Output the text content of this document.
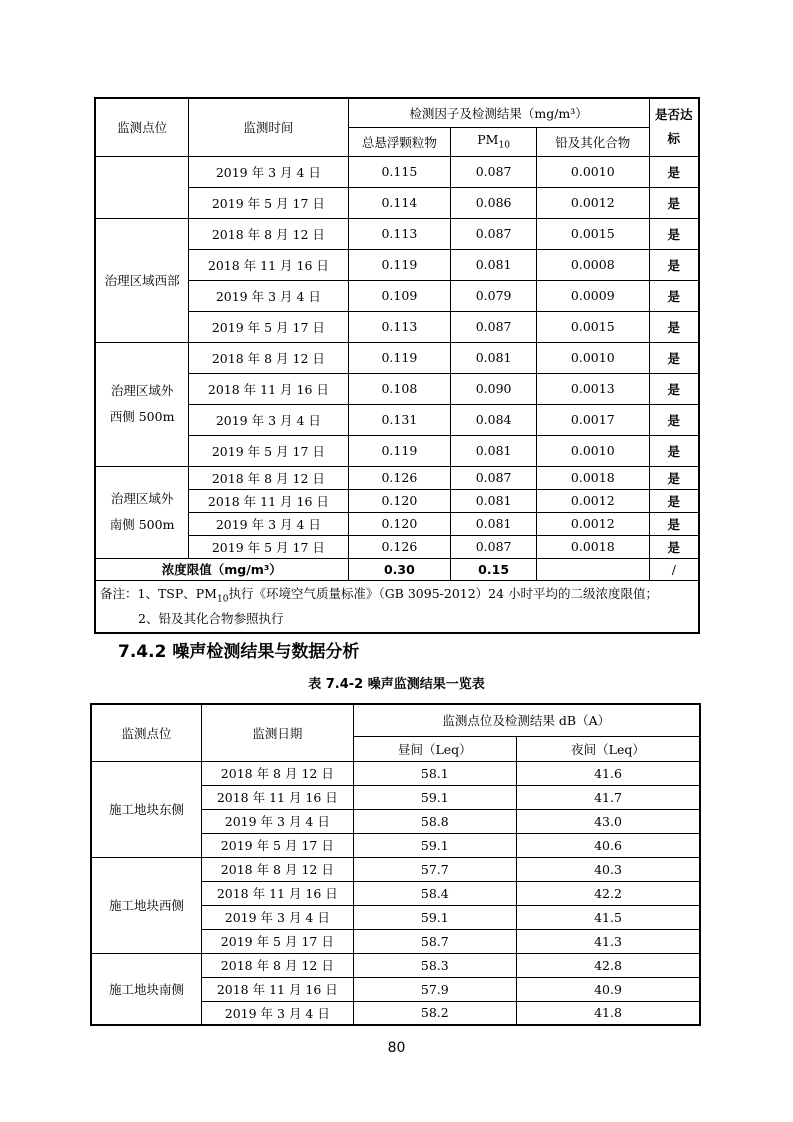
监测点位	监测时间	检测因子及检测结果（mg/m³）			是否达标
		总悬浮颗粒物	$PM_{10}$	铅及其化合物	
	2019 年 3 月 4 日	0.115	0.087	0.0010	是
	2019 年 5 月 17 日	0.114	0.086	0.0012	是
治理区域西部	2018 年 8 月 12 日	0.113	0.087	0.0015	是
	2018 年 11 月 16 日	0.119	0.081	0.0008	是
	2019 年 3 月 4 日	0.109	0.079	0.0009	是
	2019 年 5 月 17 日	0.113	0.087	0.0015	是
治理区域外
西侧 500m	2018 年 8 月 12 日	0.119	0.081	0.0010	是
	2018 年 11 月 16 日	0.108	0.090	0.0013	是
	2019 年 3 月 4 日	0.131	0.084	0.0017	是
	2019 年 5 月 17 日	0.119	0.081	0.0010	是
治理区域外
南侧 500m	2018 年 8 月 12 日	0.126	0.087	0.0018	是
	2018 年 11 月 16 日	0.120	0.081	0.0012	是
	2019 年 3 月 4 日	0.120	0.081	0.0012	是
	2019 年 5 月 17 日	0.126	0.087	0.0018	是
浓度限值（mg/m³）		0.30	0.15		/

备注：1、TSP、$PM_{10}$执行《环境空气质量标准》（GB 3095-2012）24 小时平均的二级浓度限值；
2、铅及其化合物参照执行					
7.4.2 噪声检测结果与数据分析

表 7.4-2 噪声监测结果一览表

监测点位	监测日期	监测点位及检测结果 dB（A）	
		昼间（Leq）	夜间（Leq）
施工地块东侧	2018 年 8 月 12 日	58.1	41.6
	2018 年 11 月 16 日	59.1	41.7
	2019 年 3 月 4 日	58.8	43.0
	2019 年 5 月 17 日	59.1	40.6
施工地块西侧	2018 年 8 月 12 日	57.7	40.3
	2018 年 11 月 16 日	58.4	42.2
	2019 年 3 月 4 日	59.1	41.5
	2019 年 5 月 17 日	58.7	41.3
施工地块南侧	2018 年 8 月 12 日	58.3	42.8
	2018 年 11 月 16 日	57.9	40.9
	2019 年 3 月 4 日	58.2	41.8
80
